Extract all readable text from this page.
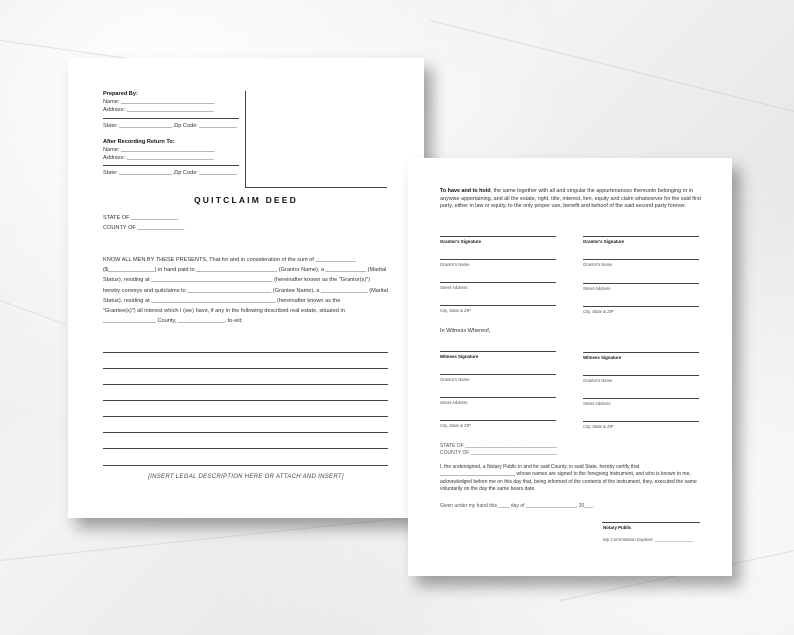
Prepared By:
Name: ______________________________
Address: ____________________________
State: _________________ Zip Code: ____________
After Recording Return To:
Name: ______________________________
Address: ____________________________
State: _________________ Zip Code: ____________
QUITCLAIM DEED
STATE OF _______________
COUNTY OF _______________
KNOW ALL MEN BY THESE PRESENTS, That for and in consideration of the sum of _____________
($_______________) in hand paid to __________________________ (Grantor Name), a _____________ (Marital
Status), residing at _______________________________________ (hereinafter known as the "Grantor(s)")
hereby conveys and quitclaims to ___________________________ (Grantee Name), a _______________ (Marital
Status), residing at ________________________________________ (hereinafter known as the
"Grantee(s)") all interest which I (we) have, if any in the following described real estate, situated in
_________________ County, _______________, to-wit:
[INSERT LEGAL DESCRIPTION HERE OR ATTACH AND INSERT]
To have and to hold, the same together with all and singular the appurtenances thereunto belonging or in anywise appertaining, and all the estate, right, title, interest, lien, equity and claim whatsoever for the said first party, either in law or equity, to the only proper use, benefit and behoof of the said second party forever.
Grantor's Signature
Grantor's Name
Street Address
City, State & ZIP
Grantor's Signature
Grantor's Name
Street Address
City, State & ZIP
In Witness Whereof,
Witness Signature
Grantor's Name
Street Address
City, State & ZIP
Witness Signature
Grantor's Name
Street Address
City, State & ZIP
STATE OF _________________________________
COUNTY OF _______________________________
I, the undersigned, a Notary Public in and for said County, in said State, hereby certify that ___________________________ whose names are signed to the foregoing instrument, and who is known to me, acknowledged before me on this day that, being informed of the contents of the instrument, they, executed the same voluntarily on the day the same bears date.
Given under my hand this ____ day of __________________, 20___.
Notary Public
My Commission Expires: _______________
